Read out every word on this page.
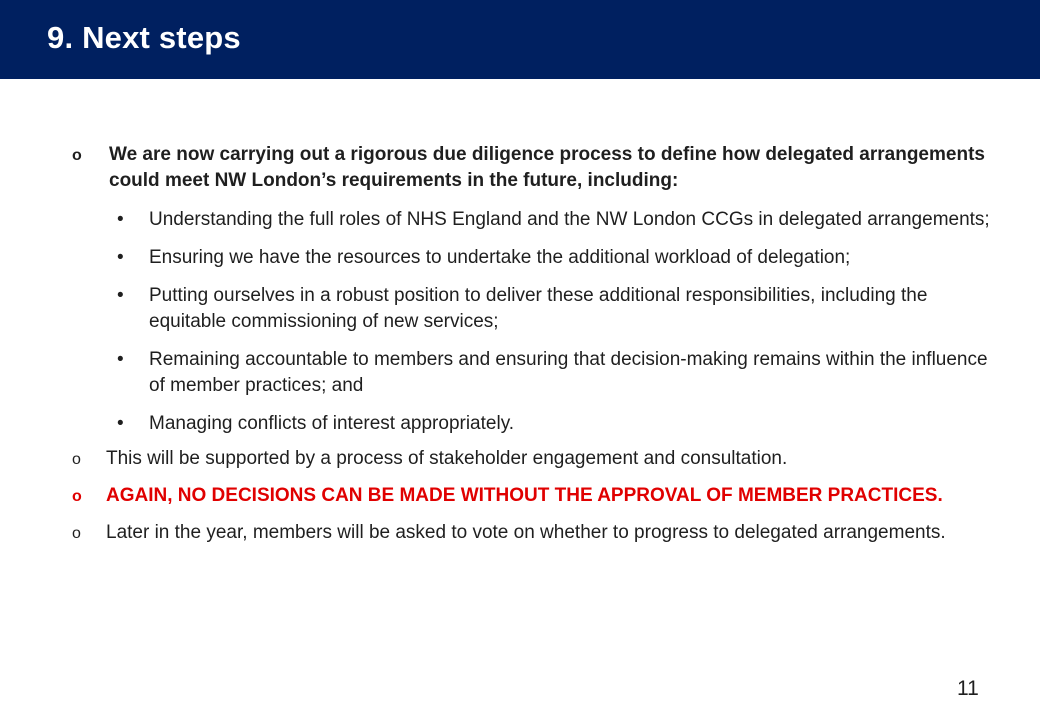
9. Next steps
o We are now carrying out a rigorous due diligence process to define how delegated arrangements could meet NW London’s requirements in the future, including:
• Understanding the full roles of NHS England and the NW London CCGs in delegated arrangements;
• Ensuring we have the resources to undertake the additional workload of delegation;
• Putting ourselves in a robust position to deliver these additional responsibilities, including the equitable commissioning of new services;
• Remaining accountable to members and ensuring that decision-making remains within the influence of member practices; and
• Managing conflicts of interest appropriately.
o This will be supported by a process of stakeholder engagement and consultation.
o AGAIN, NO DECISIONS CAN BE MADE WITHOUT THE APPROVAL OF MEMBER PRACTICES.
o Later in the year, members will be asked to vote on whether to progress to delegated arrangements.
11
